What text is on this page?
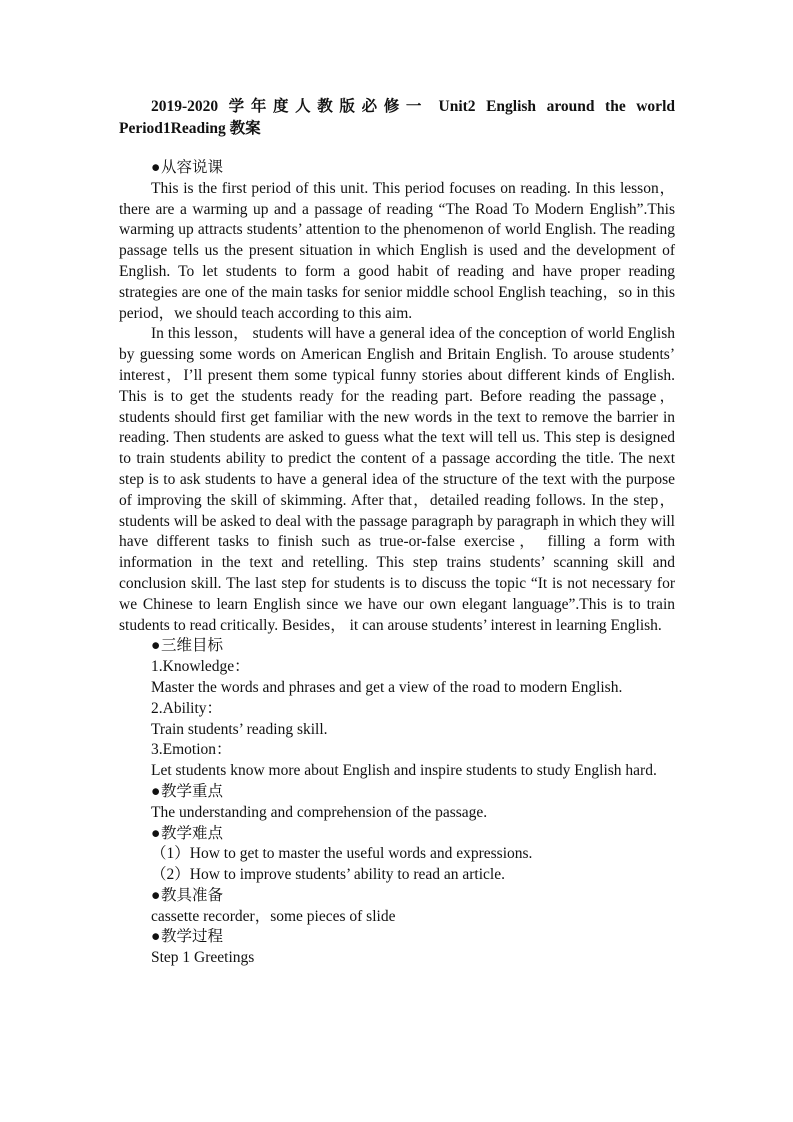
2019-2020 学年度人教版必修一 Unit2 English around the world Period1Reading 教案

●从容说课

This is the first period of this unit. This period focuses on reading. In this lesson， there are a warming up and a passage of reading “The Road To Modern English”.This warming up attracts students’ attention to the phenomenon of world English. The reading passage tells us the present situation in which English is used and the development of English. To let students to form a good habit of reading and have proper reading strategies are one of the main tasks for senior middle school English teaching，so in this period，we should teach according to this aim.

In this lesson， students will have a general idea of the conception of world English by guessing some words on American English and Britain English. To arouse students’ interest，I’ll present them some typical funny stories about different kinds of English. This is to get the students ready for the reading part. Before reading the passage，students should first get familiar with the new words in the text to remove the barrier in reading. Then students are asked to guess what the text will tell us. This step is designed to train students ability to predict the content of a passage according the title. The next step is to ask students to have a general idea of the structure of the text with the purpose of improving the skill of skimming. After that，detailed reading follows. In the step， students will be asked to deal with the passage paragraph by paragraph in which they will have different tasks to finish such as true-or-false exercise， filling a form with information in the text and retelling. This step trains students’ scanning skill and conclusion skill. The last step for students is to discuss the topic “It is not necessary for we Chinese to learn English since we have our own elegant language”.This is to train students to read critically. Besides， it can arouse students’ interest in learning English.

●三维目标

1.Knowledge：

Master the words and phrases and get a view of the road to modern English.

2.Ability：

Train students’ reading skill.

3.Emotion：

Let students know more about English and inspire students to study English hard.

●教学重点

The understanding and comprehension of the passage.

●教学难点

（1）How to get to master the useful words and expressions.

（2）How to improve students’ ability to read an article.

●教具准备

cassette recorder，some pieces of slide

●教学过程

Step 1 Greetings
